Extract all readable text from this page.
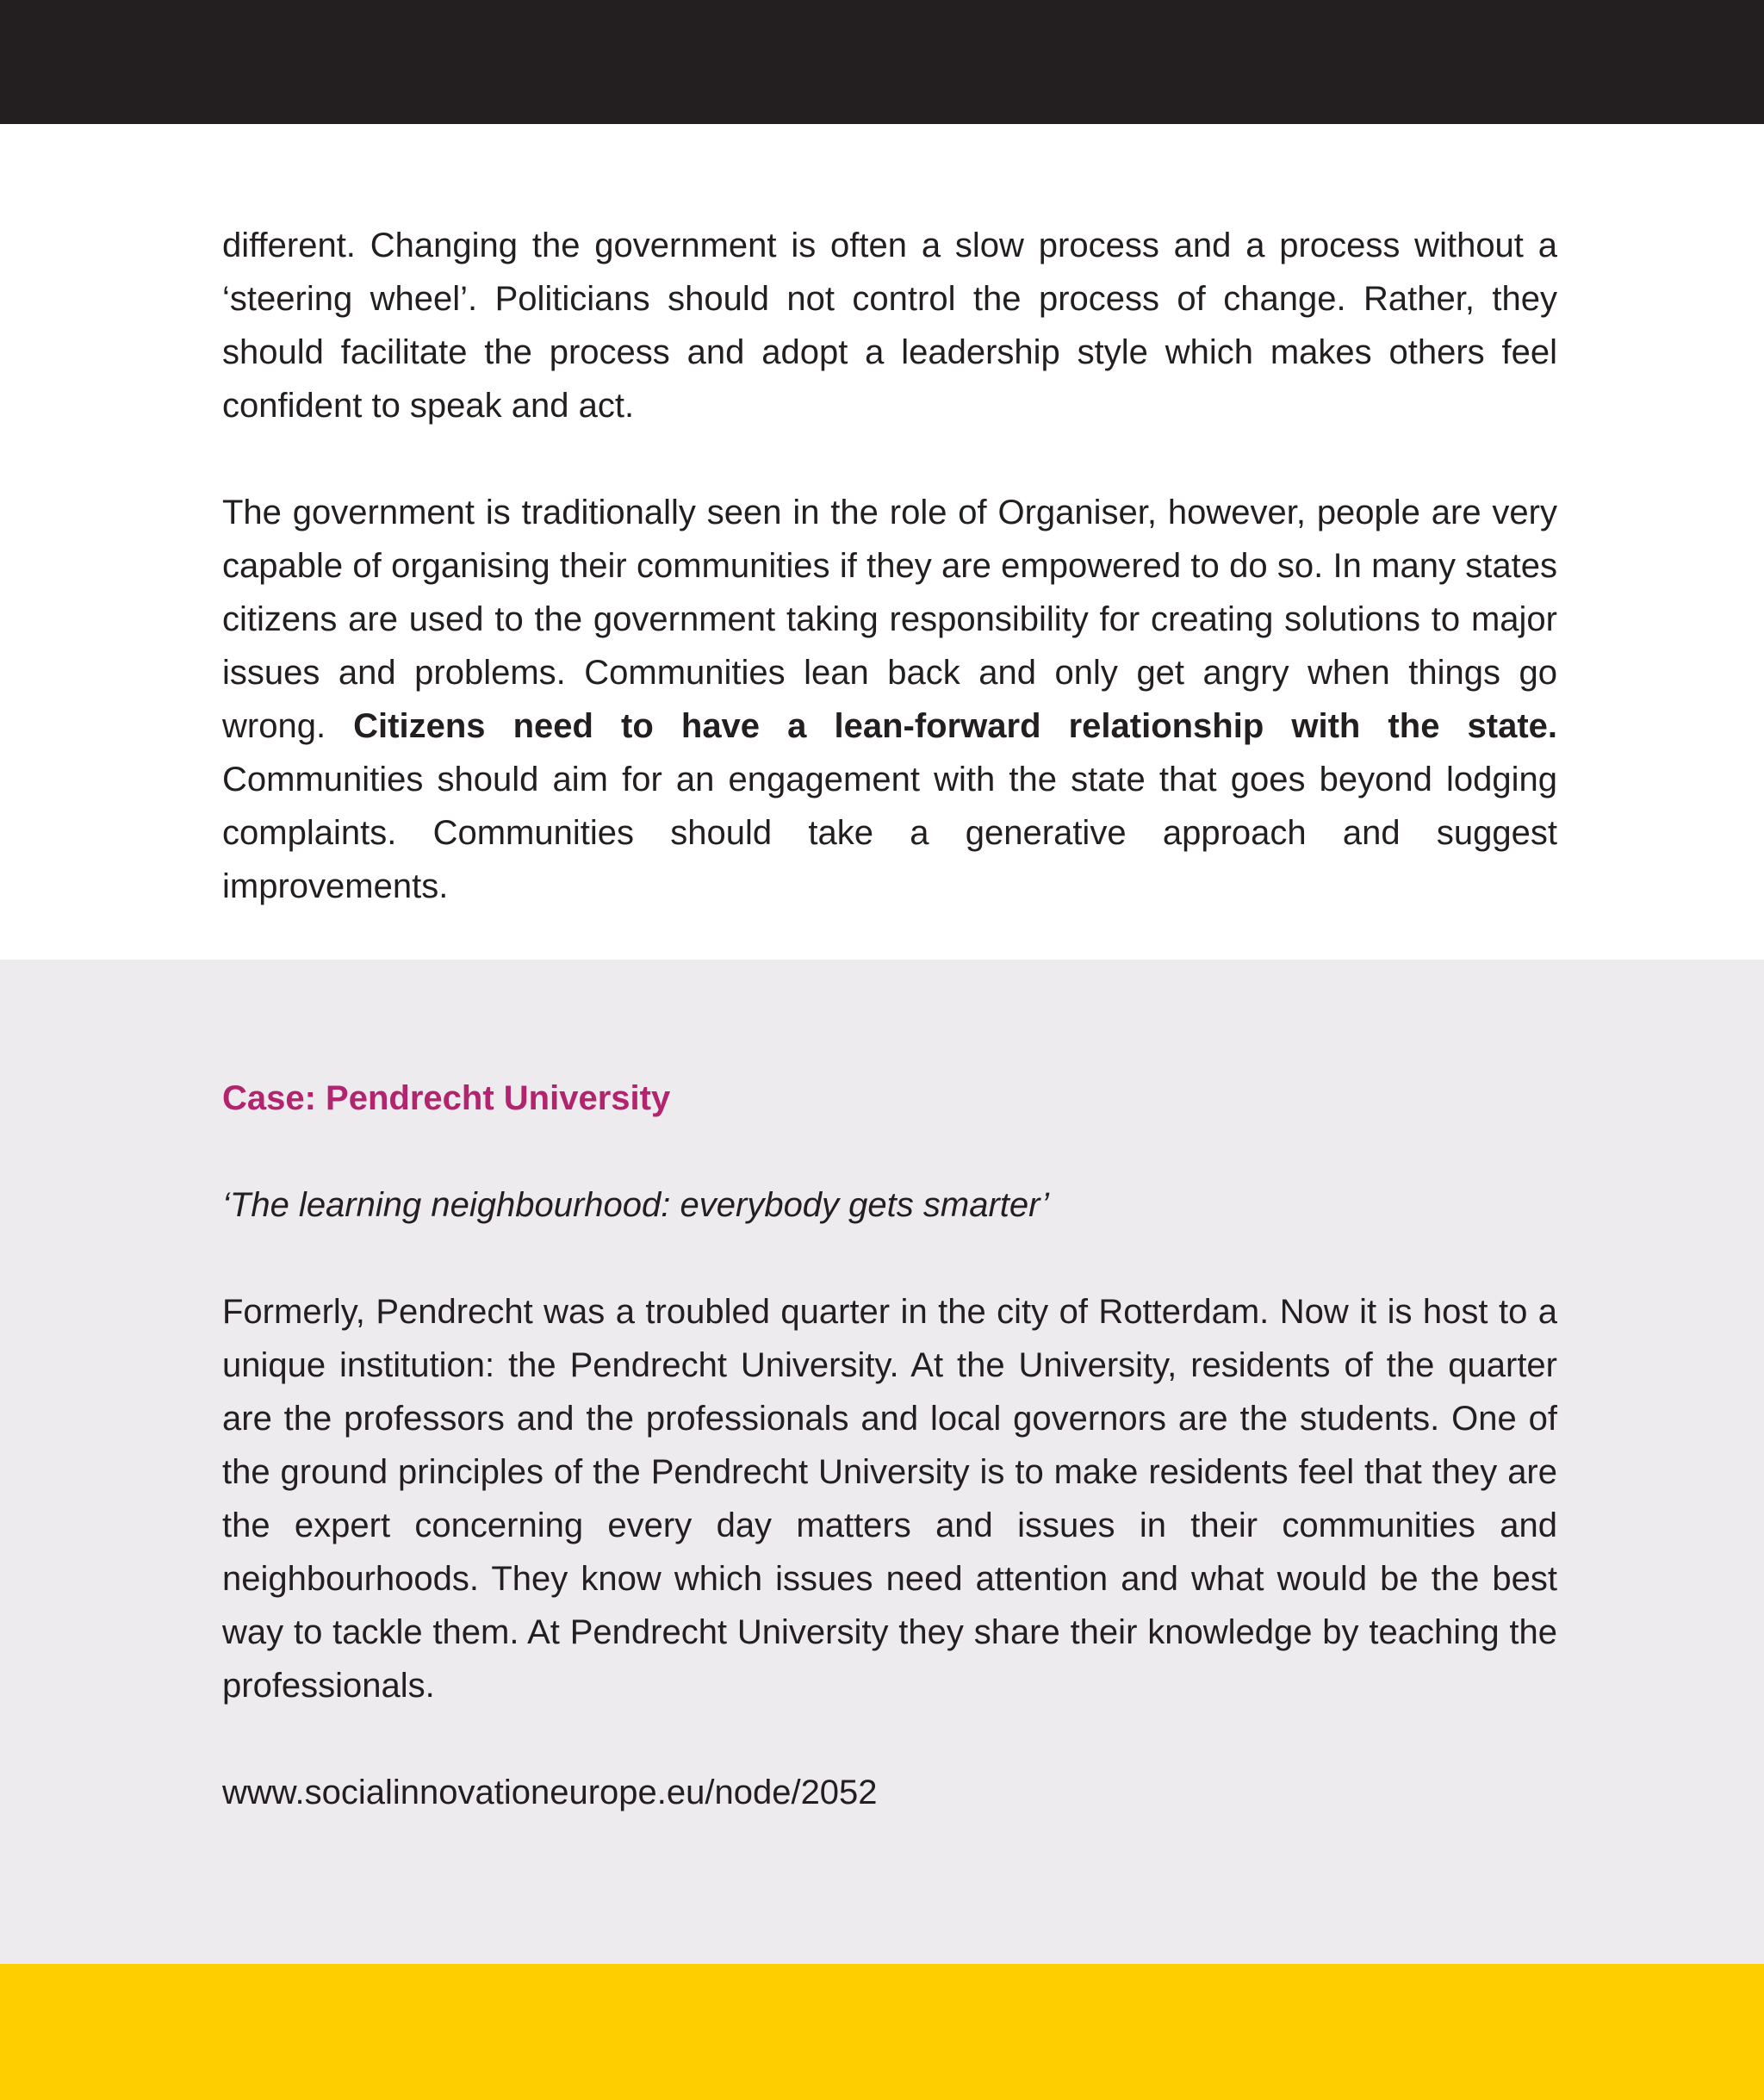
different. Changing the government is often a slow process and a process without a ‘steering wheel’. Politicians should not control the process of change. Rather, they should facilitate the process and adopt a leadership style which makes others feel confident to speak and act.

The government is traditionally seen in the role of Organiser, however, people are very capable of organising their communities if they are empowered to do so. In many states citizens are used to the government taking responsibility for creating solutions to major issues and problems. Communities lean back and only get angry when things go wrong. Citizens need to have a lean-forward relationship with the state. Communities should aim for an engagement with the state that goes beyond lodging complaints. Communities should take a generative approach and suggest improvements.

Case: Pendrecht University

‘The learning neighbourhood: everybody gets smarter’

Formerly, Pendrecht was a troubled quarter in the city of Rotterdam. Now it is host to a unique institution: the Pendrecht University. At the University, residents of the quarter are the professors and the professionals and local governors are the students. One of the ground principles of the Pendrecht University is to make residents feel that they are the expert concerning every day matters and issues in their communities and neighbourhoods. They know which issues need attention and what would be the best way to tackle them. At Pendrecht University they share their knowledge by teaching the professionals.

www.socialinnovationeurope.eu/node/2052
